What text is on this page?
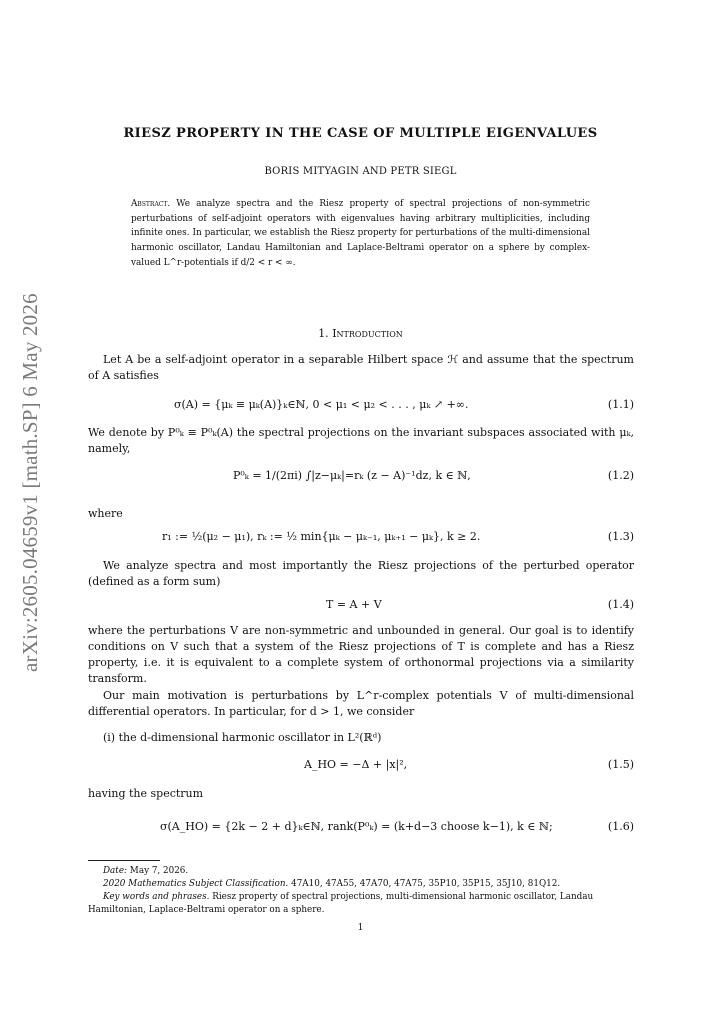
arXiv:2605.04659v1 [math.SP] 6 May 2026
RIESZ PROPERTY IN THE CASE OF MULTIPLE EIGENVALUES
BORIS MITYAGIN AND PETR SIEGL
Abstract. We analyze spectra and the Riesz property of spectral projections of non-symmetric perturbations of self-adjoint operators with eigenvalues having arbitrary multiplicities, including infinite ones. In particular, we establish the Riesz property for perturbations of the multi-dimensional harmonic oscillator, Landau Hamiltonian and Laplace-Beltrami operator on a sphere by complex-valued L^r-potentials if d/2 < r < ∞.
1. Introduction
Let A be a self-adjoint operator in a separable Hilbert space ℋ and assume that the spectrum of A satisfies
σ(A) = {μₖ ≡ μₖ(A)}ₖ∈ℕ, 0 < μ₁ < μ₂ < . . . , μₖ ↗ +∞.	(1.1)
We denote by P⁰ₖ ≡ P⁰ₖ(A) the spectral projections on the invariant subspaces associated with μₖ, namely,
P⁰ₖ = 1/(2πi) ∫|z−μₖ|=rₖ (z − A)⁻¹dz, k ∈ ℕ,	(1.2)
where
r₁ := ½(μ₂ − μ₁), rₖ := ½ min{μₖ − μₖ₋₁, μₖ₊₁ − μₖ}, k ≥ 2.	(1.3)
We analyze spectra and most importantly the Riesz projections of the perturbed operator (defined as a form sum)
T = A + V	(1.4)
where the perturbations V are non-symmetric and unbounded in general. Our goal is to identify conditions on V such that a system of the Riesz projections of T is complete and has a Riesz property, i.e. it is equivalent to a complete system of orthonormal projections via a similarity transform.
Our main motivation is perturbations by L^r-complex potentials V of multi-dimensional differential operators. In particular, for d > 1, we consider
(i) the d-dimensional harmonic oscillator in L²(ℝᵈ)
A_HO = −Δ + |x|²,	(1.5)
having the spectrum
σ(A_HO) = {2k − 2 + d}ₖ∈ℕ, rank(P⁰ₖ) = (k+d−3 choose k−1), k ∈ ℕ;	(1.6)
Date: May 7, 2026.
2020 Mathematics Subject Classification. 47A10, 47A55, 47A70, 47A75, 35P10, 35P15, 35J10, 81Q12.
Key words and phrases. Riesz property of spectral projections, multi-dimensional harmonic oscillator, Landau Hamiltonian, Laplace-Beltrami operator on a sphere.
1
